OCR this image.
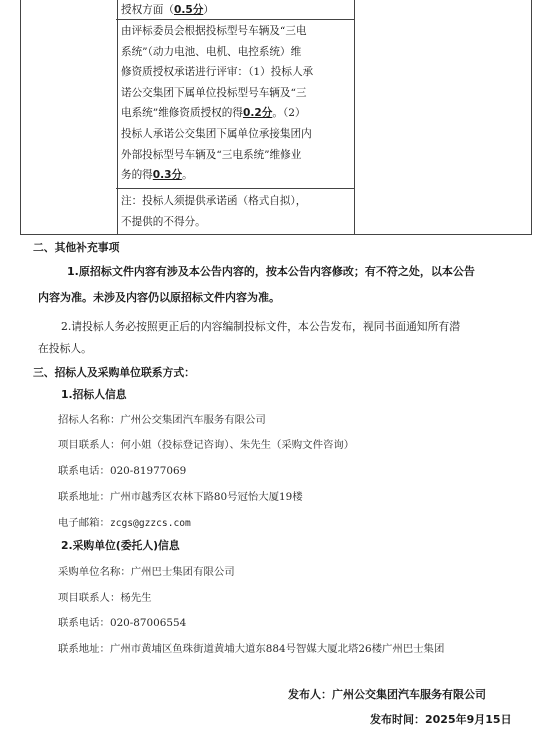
授权方面（0.5分）
由评标委员会根据投标型号车辆及“三电
系统”（动力电池、电机、电控系统）维
修资质授权承诺进行评审：（1）投标人承
诺公交集团下属单位投标型号车辆及“三
电系统”维修资质授权的得0.2分。（2）
投标人承诺公交集团下属单位承接集团内
外部投标型号车辆及“三电系统”维修业
务的得0.3分。
注：投标人须提供承诺函（格式自拟），
不提供的不得分。
二、其他补充事项
1.原招标文件内容有涉及本公告内容的，按本公告内容修改；有不符之处，以本公告
内容为准。未涉及内容仍以原招标文件内容为准。
2.请投标人务必按照更正后的内容编制投标文件，本公告发布，视同书面通知所有潜
在投标人。
三、招标人及采购单位联系方式：
1.招标人信息
招标人名称：广州公交集团汽车服务有限公司
项目联系人：何小姐（投标登记咨询）、朱先生（采购文件咨询）
联系电话：020-81977069
联系地址：广州市越秀区农林下路80号冠怡大厦19楼
电子邮箱：zcgs@gzzcs.com
2.采购单位(委托人)信息
采购单位名称：广州巴士集团有限公司
项目联系人：杨先生
联系电话：020-87006554
联系地址：广州市黄埔区鱼珠街道黄埔大道东884号智媒大厦北塔26楼广州巴士集团
发布人：广州公交集团汽车服务有限公司
发布时间：2025年9月15日
